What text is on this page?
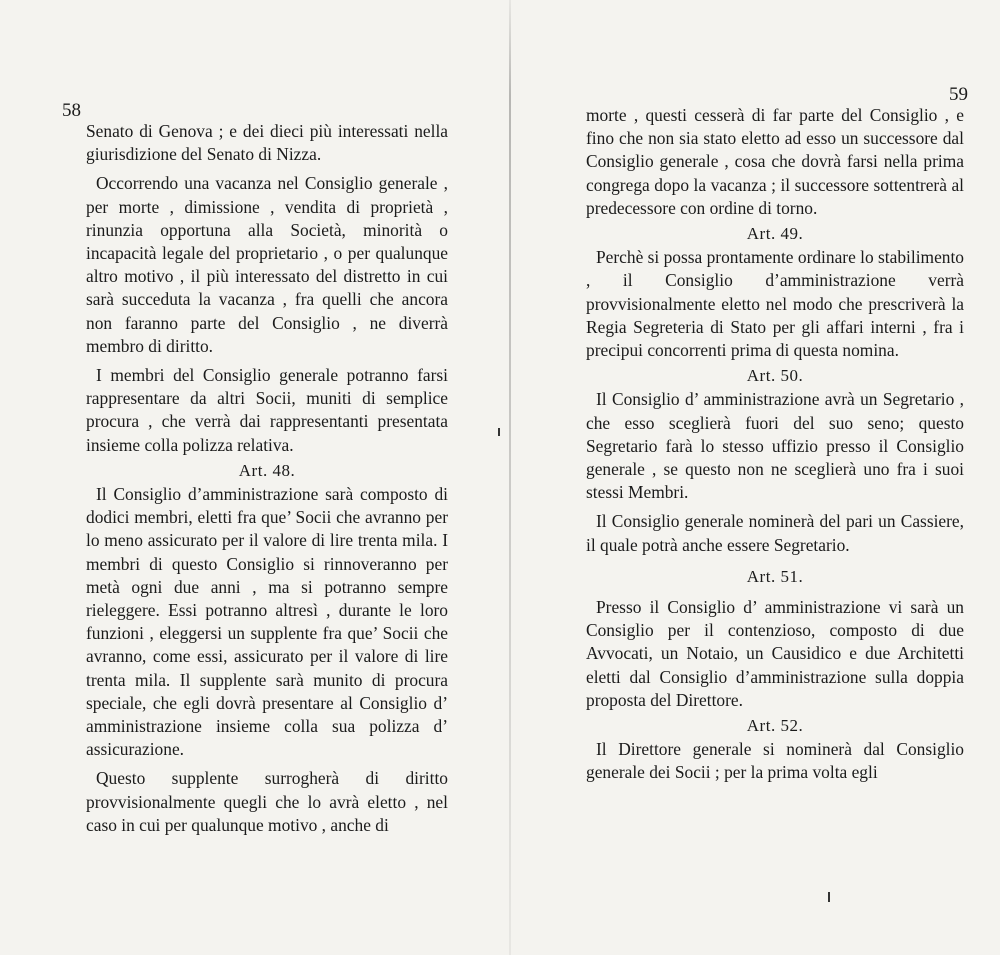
58

Senato di Genova ; e dei dieci più interessati nella giurisdizione del Senato di Nizza.

Occorrendo una vacanza nel Consiglio generale , per morte , dimissione , vendita di proprietà , rinunzia opportuna alla Società, minorità o incapacità legale del proprietario , o per qualunque altro motivo , il più interessato del distretto in cui sarà succeduta la vacanza , fra quelli che ancora non faranno parte del Consiglio , ne diverrà membro di diritto.

I membri del Consiglio generale potranno farsi rappresentare da altri Socii, muniti di semplice procura , che verrà dai rappresentanti presentata insieme colla polizza relativa.

Art. 48.

Il Consiglio d’amministrazione sarà composto di dodici membri, eletti fra que’ Socii che avranno per lo meno assicurato per il valore di lire trenta mila. I membri di questo Consiglio si rinnoveranno per metà ogni due anni , ma si potranno sempre rieleggere. Essi potranno altresì , durante le loro funzioni , eleggersi un supplente fra que’ Socii che avranno, come essi, assicurato per il valore di lire trenta mila. Il supplente sarà munito di procura speciale, che egli dovrà presentare al Consiglio d’ amministrazione insieme colla sua polizza d’ assicurazione.

Questo supplente surrogherà di diritto provvisionalmente quegli che lo avrà eletto , nel caso in cui per qualunque motivo , anche di

59

morte , questi cesserà di far parte del Consiglio , e fino che non sia stato eletto ad esso un successore dal Consiglio generale , cosa che dovrà farsi nella prima congrega dopo la vacanza ; il successore sottentrerà al predecessore con ordine di torno.

Art. 49.

Perchè si possa prontamente ordinare lo stabilimento , il Consiglio d’amministrazione verrà provvisionalmente eletto nel modo che prescriverà la Regia Segreteria di Stato per gli affari interni , fra i precipui concorrenti prima di questa nomina.

Art. 50.

Il Consiglio d’ amministrazione avrà un Segretario , che esso sceglierà fuori del suo seno; questo Segretario farà lo stesso uffizio presso il Consiglio generale , se questo non ne sceglierà uno fra i suoi stessi Membri.

Il Consiglio generale nominerà del pari un Cassiere, il quale potrà anche essere Segretario.

Art. 51.

Presso il Consiglio d’ amministrazione vi sarà un Consiglio per il contenzioso, composto di due Avvocati, un Notaio, un Causidico e due Architetti eletti dal Consiglio d’amministrazione sulla doppia proposta del Direttore.

Art. 52.

Il Direttore generale si nominerà dal Consiglio generale dei Socii ; per la prima volta egli
